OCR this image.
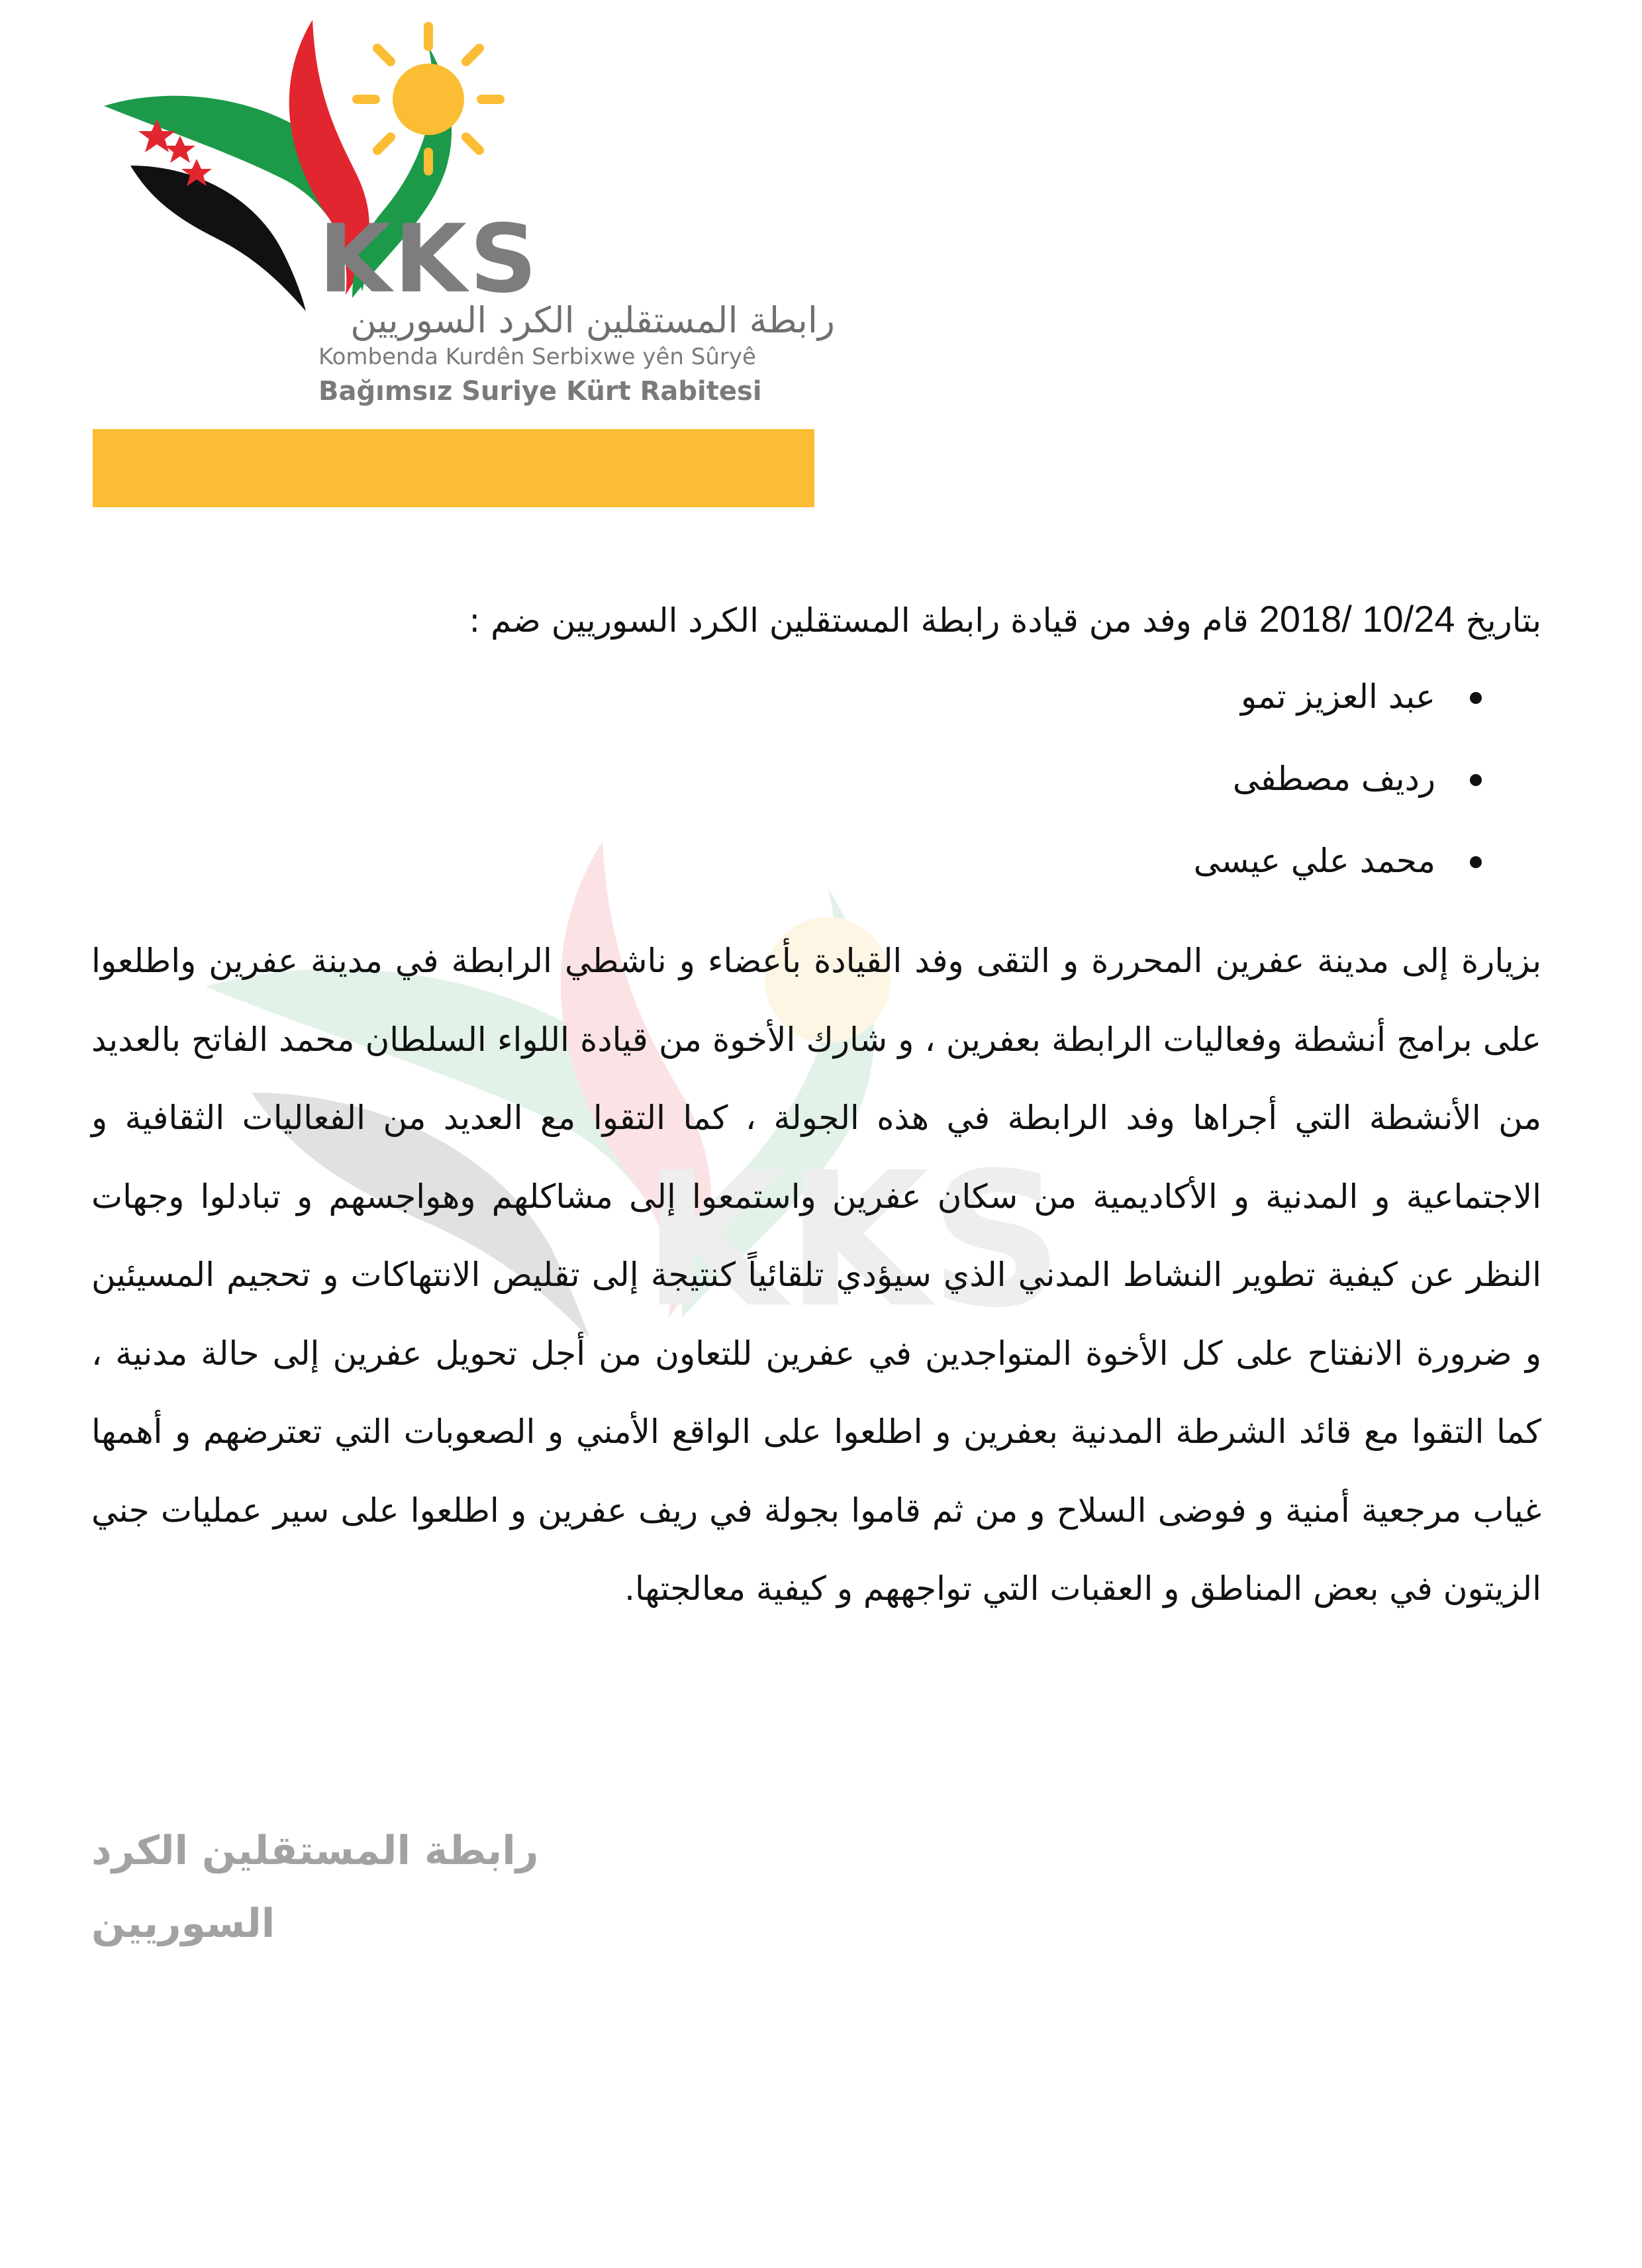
KKS
رابطة المستقلين الكرد السوريين
Kombenda Kurdên Serbixwe yên Sûryê
Bağımsız Suriye Kürt Rabitesi
KKS

بتاريخ 2018/ 10/24 قام وفد من قيادة رابطة المستقلين الكرد السوريين ضم :

عبد العزيز تمو
رديف مصطفى
محمد علي عيسى

بزيارة إلى مدينة عفرين المحررة و التقى وفد القيادة بأعضاء و ناشطي الرابطة في مدينة عفرين واطلعوا على برامج أنشطة وفعاليات الرابطة بعفرين ، و شارك الأخوة من قيادة اللواء السلطان محمد الفاتح بالعديد من الأنشطة التي أجراها وفد الرابطة في هذه الجولة ، كما التقوا مع العديد من الفعاليات الثقافية و الاجتماعية و المدنية و الأكاديمية من سكان عفرين واستمعوا إلى مشاكلهم وهواجسهم و تبادلوا وجهات النظر عن كيفية تطوير النشاط المدني الذي سيؤدي تلقائياً كنتيجة إلى تقليص الانتهاكات و تحجيم المسيئين و ضرورة الانفتاح على كل الأخوة المتواجدين في عفرين للتعاون من أجل تحويل عفرين إلى حالة مدنية ، كما التقوا مع قائد الشرطة المدنية بعفرين و اطلعوا على الواقع الأمني و الصعوبات التي تعترضهم و أهمها غياب مرجعية أمنية و فوضى السلاح و من ثم قاموا بجولة في ريف عفرين و اطلعوا على سير عمليات جني الزيتون في بعض المناطق و العقبات التي تواجههم و كيفية معالجتها.

رابطة المستقلين الكرد السوريين
